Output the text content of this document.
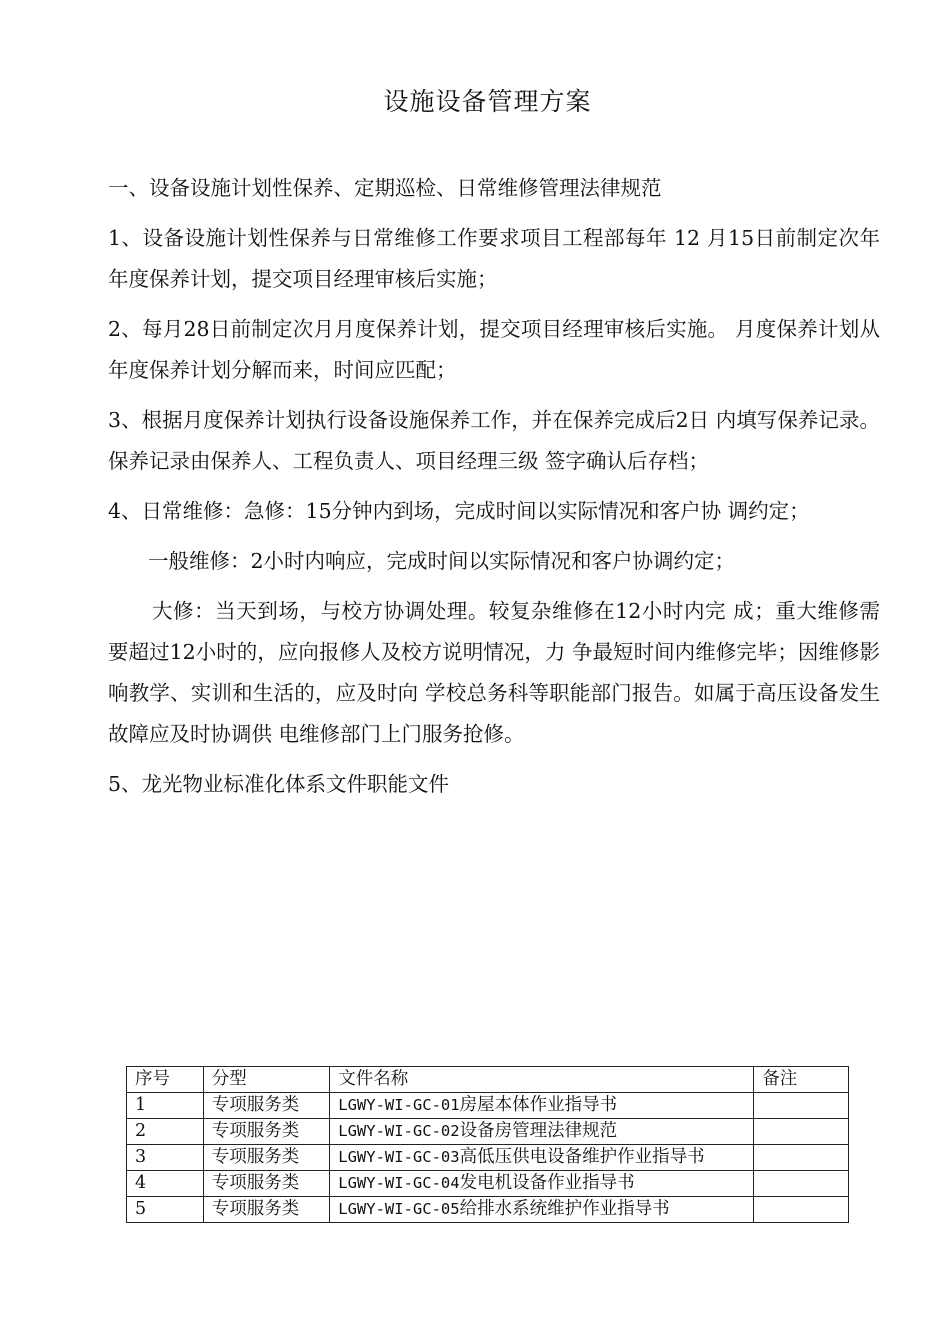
设施设备管理方案

一、设备设施计划性保养、定期巡检、日常维修管理法律规范

1、设备设施计划性保养与日常维修工作要求项目工程部每年 12 月15日前制定次年年度保养计划，提交项目经理审核后实施；

2、每月28日前制定次月月度保养计划，提交项目经理审核后实施。 月度保养计划从年度保养计划分解而来，时间应匹配；

3、根据月度保养计划执行设备设施保养工作，并在保养完成后2日 内填写保养记录。保养记录由保养人、工程负责人、项目经理三级 签字确认后存档；

4、日常维修：急修：15分钟内到场，完成时间以实际情况和客户协 调约定；

一般维修：2小时内响应，完成时间以实际情况和客户协调约定；

大修：当天到场，与校方协调处理。较复杂维修在12小时内完 成；重大维修需要超过12小时的，应向报修人及校方说明情况，力 争最短时间内维修完毕；因维修影响教学、实训和生活的，应及时向 学校总务科等职能部门报告。如属于高压设备发生故障应及时协调供 电维修部门上门服务抢修。

5、龙光物业标准化体系文件职能文件

序号	分型	文件名称	备注
1	专项服务类	LGWY-WI-GC-01房屋本体作业指导书	
2	专项服务类	LGWY-WI-GC-02设备房管理法律规范	
3	专项服务类	LGWY-WI-GC-03高低压供电设备维护作业指导书	
4	专项服务类	LGWY-WI-GC-04发电机设备作业指导书	
5	专项服务类	LGWY-WI-GC-05给排水系统维护作业指导书	
